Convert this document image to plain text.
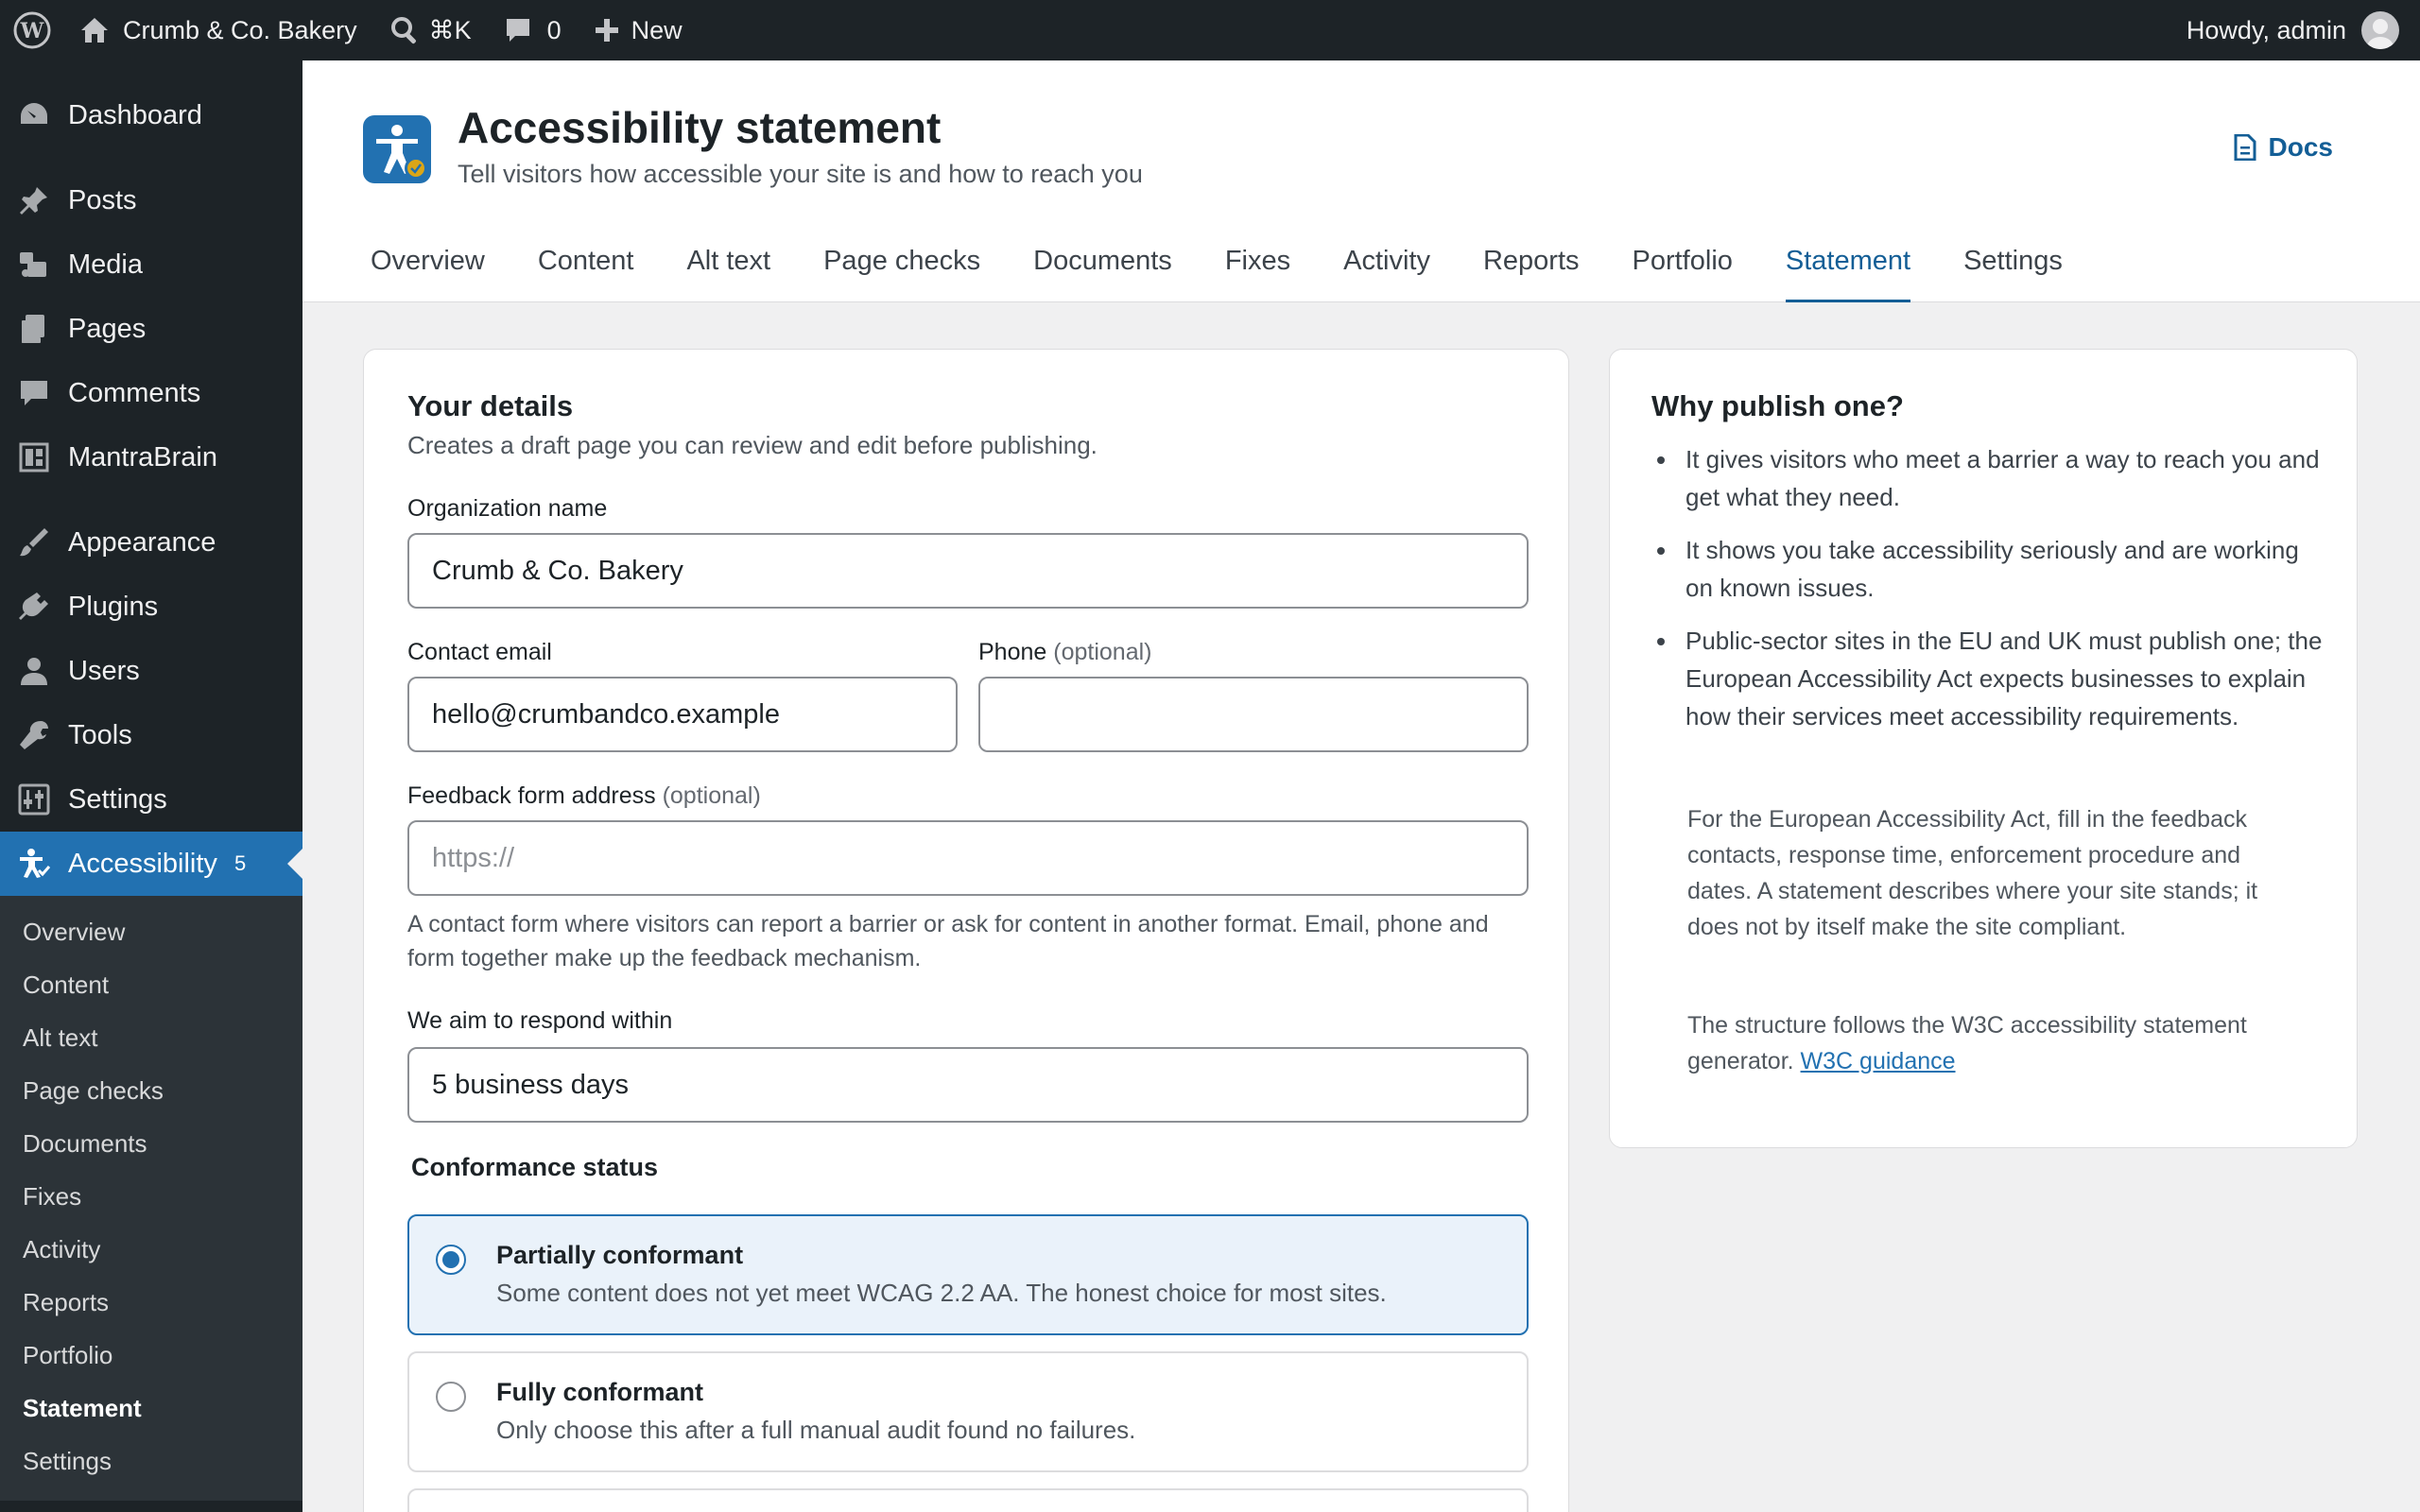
W	Crumb & Co. Bakery	⌘K	0	New	Howdy, admin
Dashboard
Posts
Media
Pages
Comments
MantraBrain
Appearance
Plugins
Users
Tools
Settings
Accessibility 5
Overview
Content
Alt text
Page checks
Documents
Fixes
Activity
Reports
Portfolio
Statement
Settings
Accessibility statement
Tell visitors how accessible your site is and how to reach you
Docs
Overview	Content	Alt text	Page checks	Documents	Fixes	Activity	Reports	Portfolio	Statement	Settings
Your details
Creates a draft page you can review and edit before publishing.
Organization name
Crumb & Co. Bakery
Contact email
hello@crumbandco.example
Phone (optional)
Feedback form address (optional)
https://
A contact form where visitors can report a barrier or ask for content in another format. Email, phone and form together make up the feedback mechanism.
We aim to respond within
5 business days
Conformance status
Partially conformant
Some content does not yet meet WCAG 2.2 AA. The honest choice for most sites.
Fully conformant
Only choose this after a full manual audit found no failures.
Why publish one?
It gives visitors who meet a barrier a way to reach you and get what they need.
It shows you take accessibility seriously and are working on known issues.
Public-sector sites in the EU and UK must publish one; the European Accessibility Act expects businesses to explain how their services meet accessibility requirements.
For the European Accessibility Act, fill in the feedback contacts, response time, enforcement procedure and dates. A statement describes where your site stands; it does not by itself make the site compliant.
The structure follows the W3C accessibility statement generator. W3C guidance
